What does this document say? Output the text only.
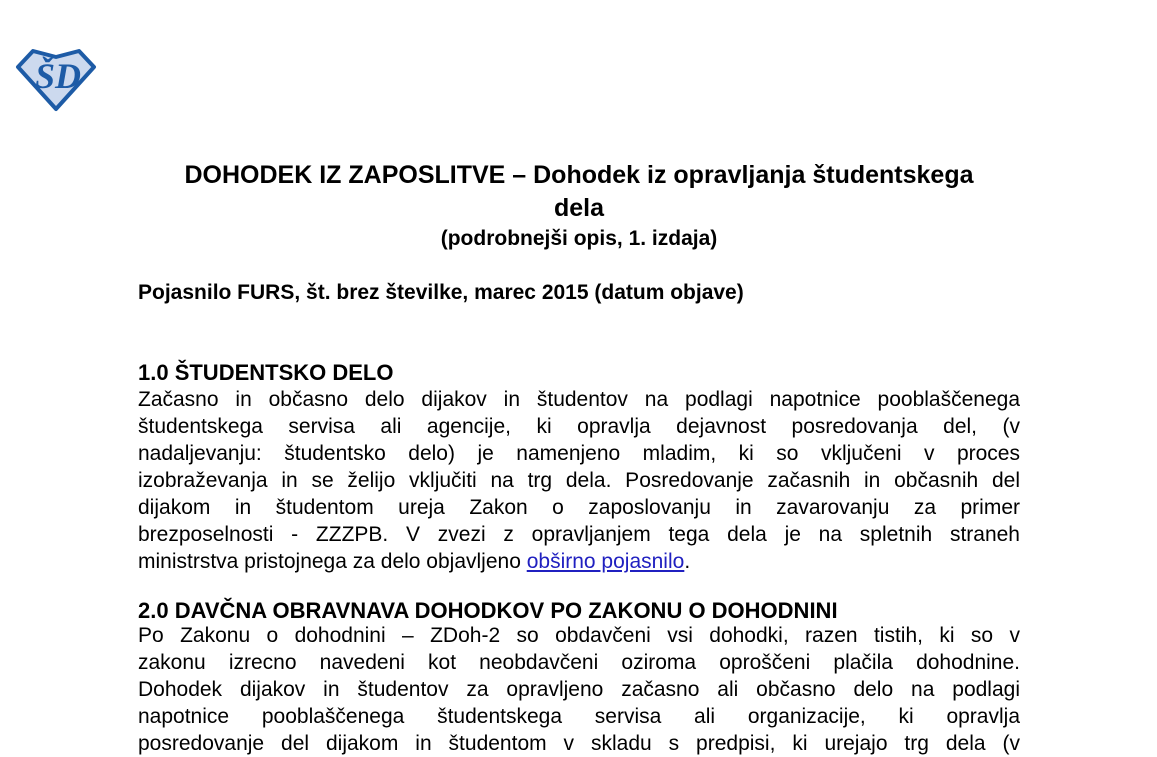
ŠD
DOHODEK IZ ZAPOSLITVE – Dohodek iz opravljanja študentskega
dela
(podrobnejši opis, 1. izdaja)
Pojasnilo FURS, št. brez številke, marec 2015 (datum objave)
1.0 ŠTUDENTSKO DELO
Začasno in občasno delo dijakov in študentov na podlagi napotnice pooblaščenega
študentskega servisa ali agencije, ki opravlja dejavnost posredovanja del, (v
nadaljevanju: študentsko delo) je namenjeno mladim, ki so vključeni v proces
izobraževanja in se želijo vključiti na trg dela. Posredovanje začasnih in občasnih del
dijakom in študentom ureja Zakon o zaposlovanju in zavarovanju za primer
brezposelnosti - ZZZPB. V zvezi z opravljanjem tega dela je na spletnih straneh
ministrstva pristojnega za delo objavljeno obširno pojasnilo.
2.0 DAVČNA OBRAVNAVA DOHODKOV PO ZAKONU O DOHODNINI
Po Zakonu o dohodnini – ZDoh-2 so obdavčeni vsi dohodki, razen tistih, ki so v
zakonu izrecno navedeni kot neobdavčeni oziroma oproščeni plačila dohodnine.
Dohodek dijakov in študentov za opravljeno začasno ali občasno delo na podlagi
napotnice pooblaščenega študentskega servisa ali organizacije, ki opravlja
posredovanje del dijakom in študentom v skladu s predpisi, ki urejajo trg dela (v
